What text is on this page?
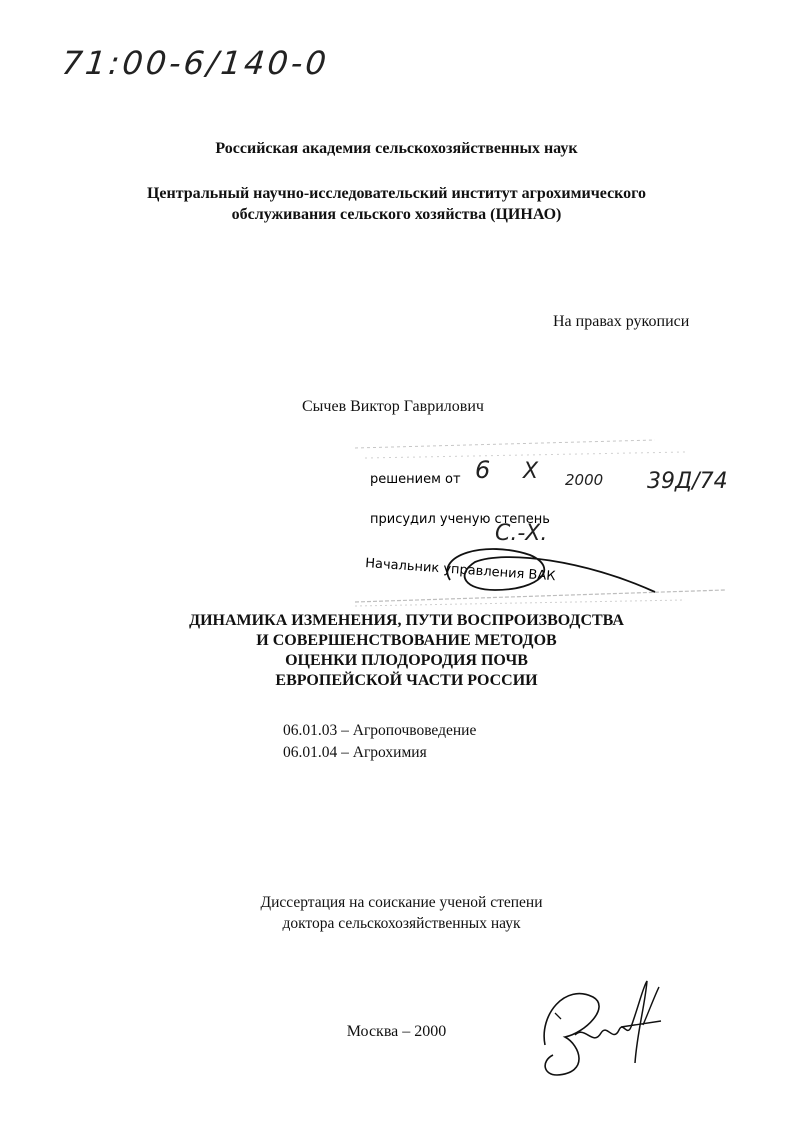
71:00-6/140-0
Российская академия сельскохозяйственных наук
Центральный научно-исследовательский институт агрохимического
обслуживания сельского хозяйства (ЦИНАО)
На правах рукописи
Сычев Виктор Гаврилович
решением от
присудил ученую степень
Начальник управления ВАК
6 X 2000 39Д/74
С.-Х.
ДИНАМИКА ИЗМЕНЕНИЯ, ПУТИ ВОСПРОИЗВОДСТВА
И СОВЕРШЕНСТВОВАНИЕ МЕТОДОВ
ОЦЕНКИ ПЛОДОРОДИЯ ПОЧВ
ЕВРОПЕЙСКОЙ ЧАСТИ РОССИИ
06.01.03 – Агропочвоведение
06.01.04 – Агрохимия
Диссертация на соискание ученой степени
доктора сельскохозяйственных наук
Москва – 2000
